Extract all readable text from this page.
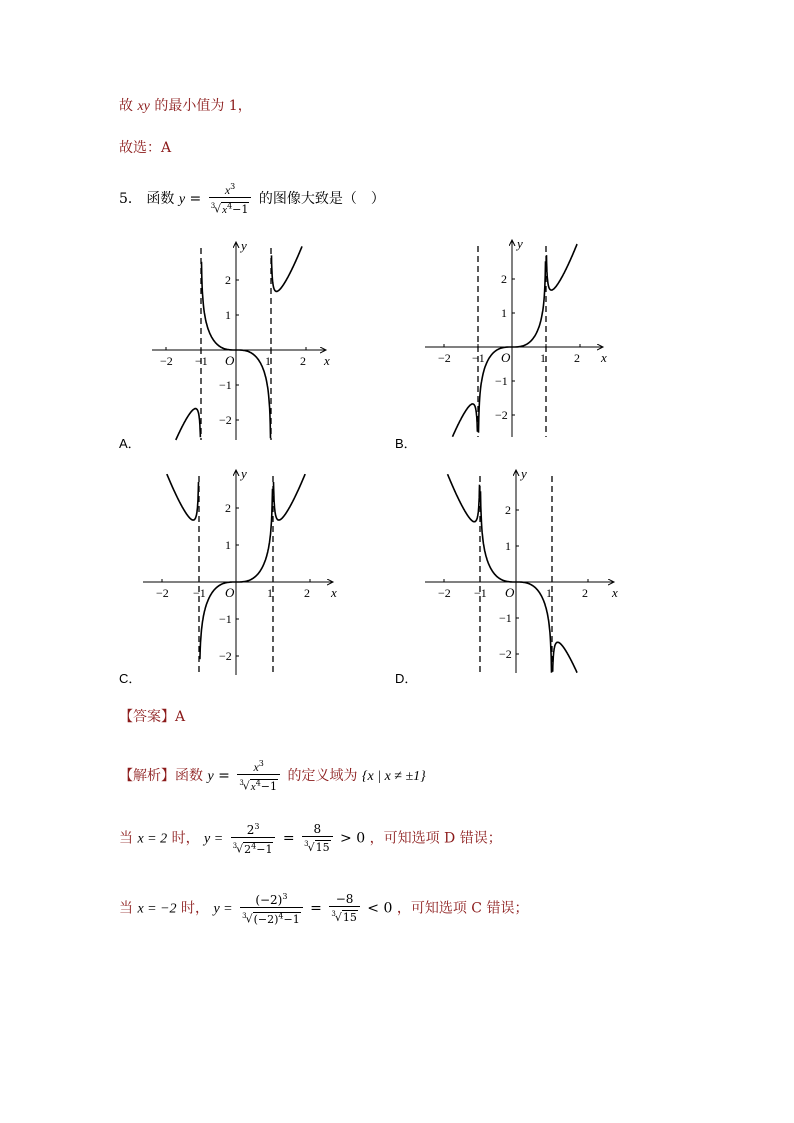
故 xy 的最小值为 1，
故选：A
5． 函数 $y = \frac{x^3}{^3√x^4-1}$ 的图像大致是（　）
−2 −1	1 2
2
1
−1
−2
O	x
y
−2 −1	1 2
2
1
−1
−2
O	x
y
−2 −1	1	2
2
1
−1
−2
O	x
y
−2 −1	1	2
2
1
−1
−2
O	x
y
A．	B．
C．	D．
【答案】A
【解析】函数 $y = \frac{x^3}{^3√x^4-1}$ 的定义域为 {x | x ≠ ±1}
当 x = 2 时， $y = \frac{2^3}{^3√2^4-1} = \frac{8}{^3√15} > 0$ ，可知选项 D 错误；
当 x = −2 时， $y = \frac{(-2)^3}{^3√(-2)^4-1} = \frac{-8}{^3√15} < 0$ ，可知选项 C 错误；
